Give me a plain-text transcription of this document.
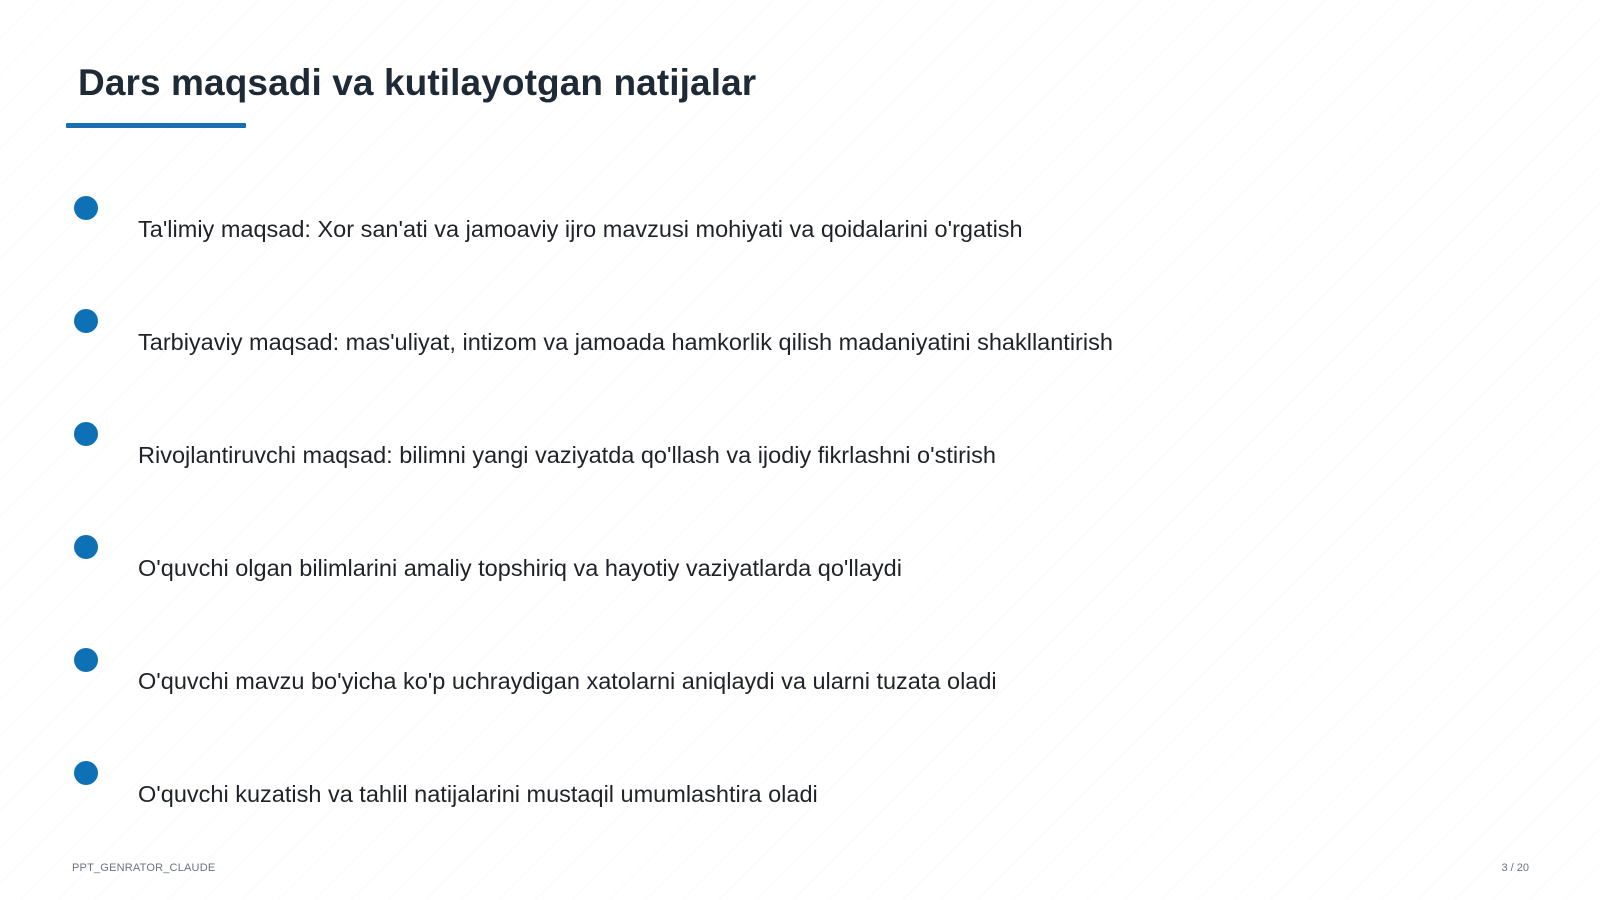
Dars maqsadi va kutilayotgan natijalar
Ta'limiy maqsad: Xor san'ati va jamoaviy ijro mavzusi mohiyati va qoidalarini o'rgatish
Tarbiyaviy maqsad: mas'uliyat, intizom va jamoada hamkorlik qilish madaniyatini shakllantirish
Rivojlantiruvchi maqsad: bilimni yangi vaziyatda qo'llash va ijodiy fikrlashni o'stirish
O'quvchi olgan bilimlarini amaliy topshiriq va hayotiy vaziyatlarda qo'llaydi
O'quvchi mavzu bo'yicha ko'p uchraydigan xatolarni aniqlaydi va ularni tuzata oladi
O'quvchi kuzatish va tahlil natijalarini mustaqil umumlashtira oladi
PPT_GENRATOR_CLAUDE	3 / 20
